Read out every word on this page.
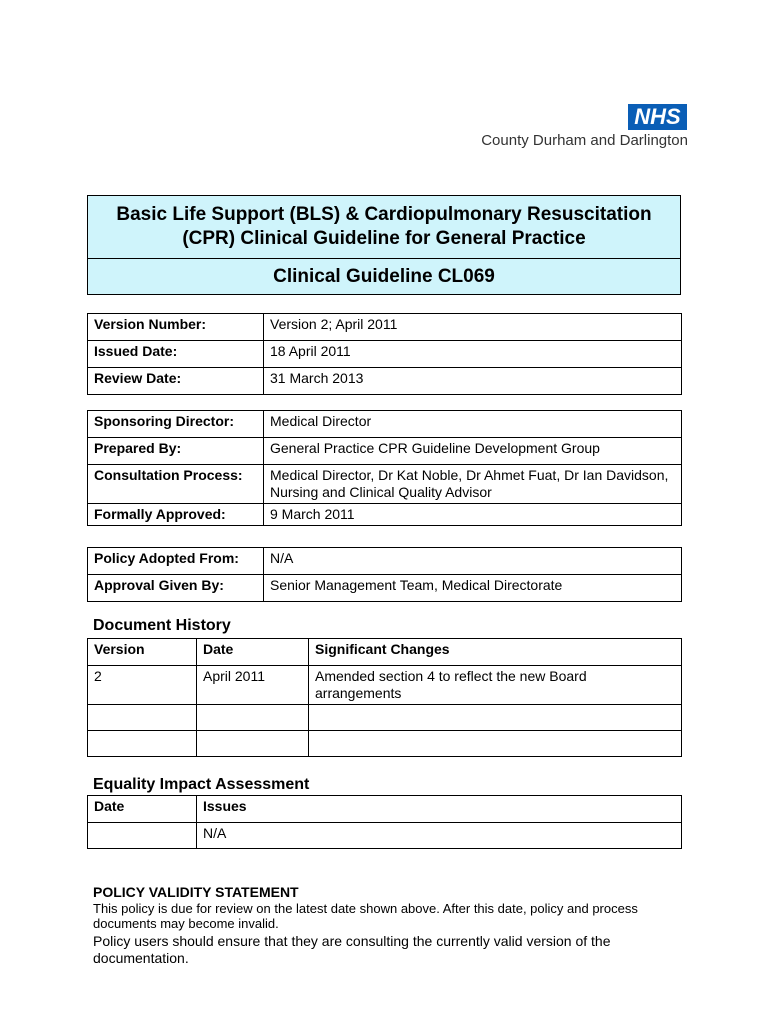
NHS
County Durham and Darlington
Basic Life Support (BLS) & Cardiopulmonary Resuscitation (CPR) Clinical Guideline for General Practice
Clinical Guideline CL069
Version Number:	Version 2; April 2011
Issued Date:	18 April 2011
Review Date:	31 March 2013
Sponsoring Director:	Medical Director
Prepared By:	General Practice CPR Guideline Development Group
Consultation Process:	Medical Director, Dr Kat Noble, Dr Ahmet Fuat, Dr Ian Davidson, Nursing and Clinical Quality Advisor
Formally Approved:	9 March 2011
Policy Adopted From:	N/A
Approval Given By:	Senior Management Team, Medical Directorate
Document History
Version	Date	Significant Changes
2	April 2011	Amended section 4 to reflect the new Board arrangements

Equality Impact Assessment
Date	Issues
	N/A
POLICY VALIDITY STATEMENT
This policy is due for review on the latest date shown above. After this date, policy and process documents may become invalid.
Policy users should ensure that they are consulting the currently valid version of the documentation.
